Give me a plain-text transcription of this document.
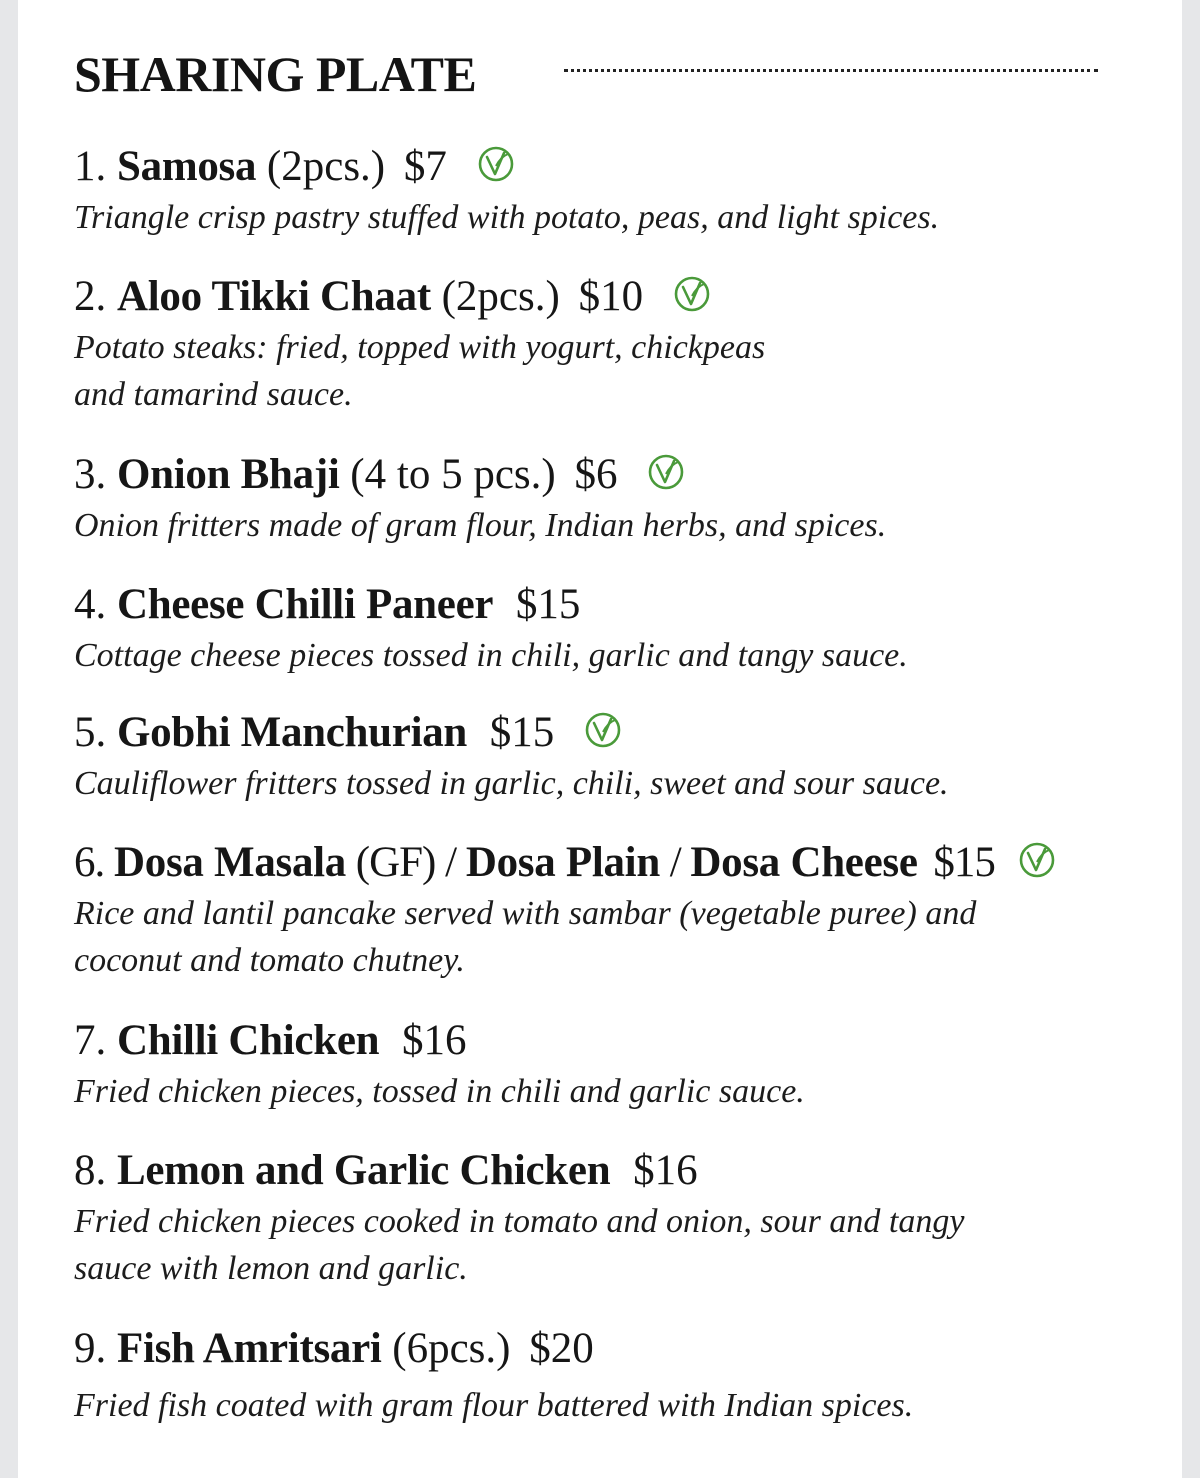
SHARING PLATE
1. Samosa (2pcs.) $7
Triangle crisp pastry stuffed with potato, peas, and light spices.
2. Aloo Tikki Chaat (2pcs.) $10
Potato steaks: fried, topped with yogurt, chickpeas
and tamarind sauce.
3. Onion Bhaji (4 to 5 pcs.) $6
Onion fritters made of gram flour, Indian herbs, and spices.
4. Cheese Chilli Paneer $15
Cottage cheese pieces tossed in chili, garlic and tangy sauce.
5. Gobhi Manchurian $15
Cauliflower fritters tossed in garlic, chili, sweet and sour sauce.
6. Dosa Masala (GF) / Dosa Plain / Dosa Cheese $15
Rice and lantil pancake served with sambar (vegetable puree) and
coconut and tomato chutney.
7. Chilli Chicken $16
Fried chicken pieces, tossed in chili and garlic sauce.
8. Lemon and Garlic Chicken $16
Fried chicken pieces cooked in tomato and onion, sour and tangy
sauce with lemon and garlic.
9. Fish Amritsari (6pcs.) $20
Fried fish coated with gram flour battered with Indian spices.
